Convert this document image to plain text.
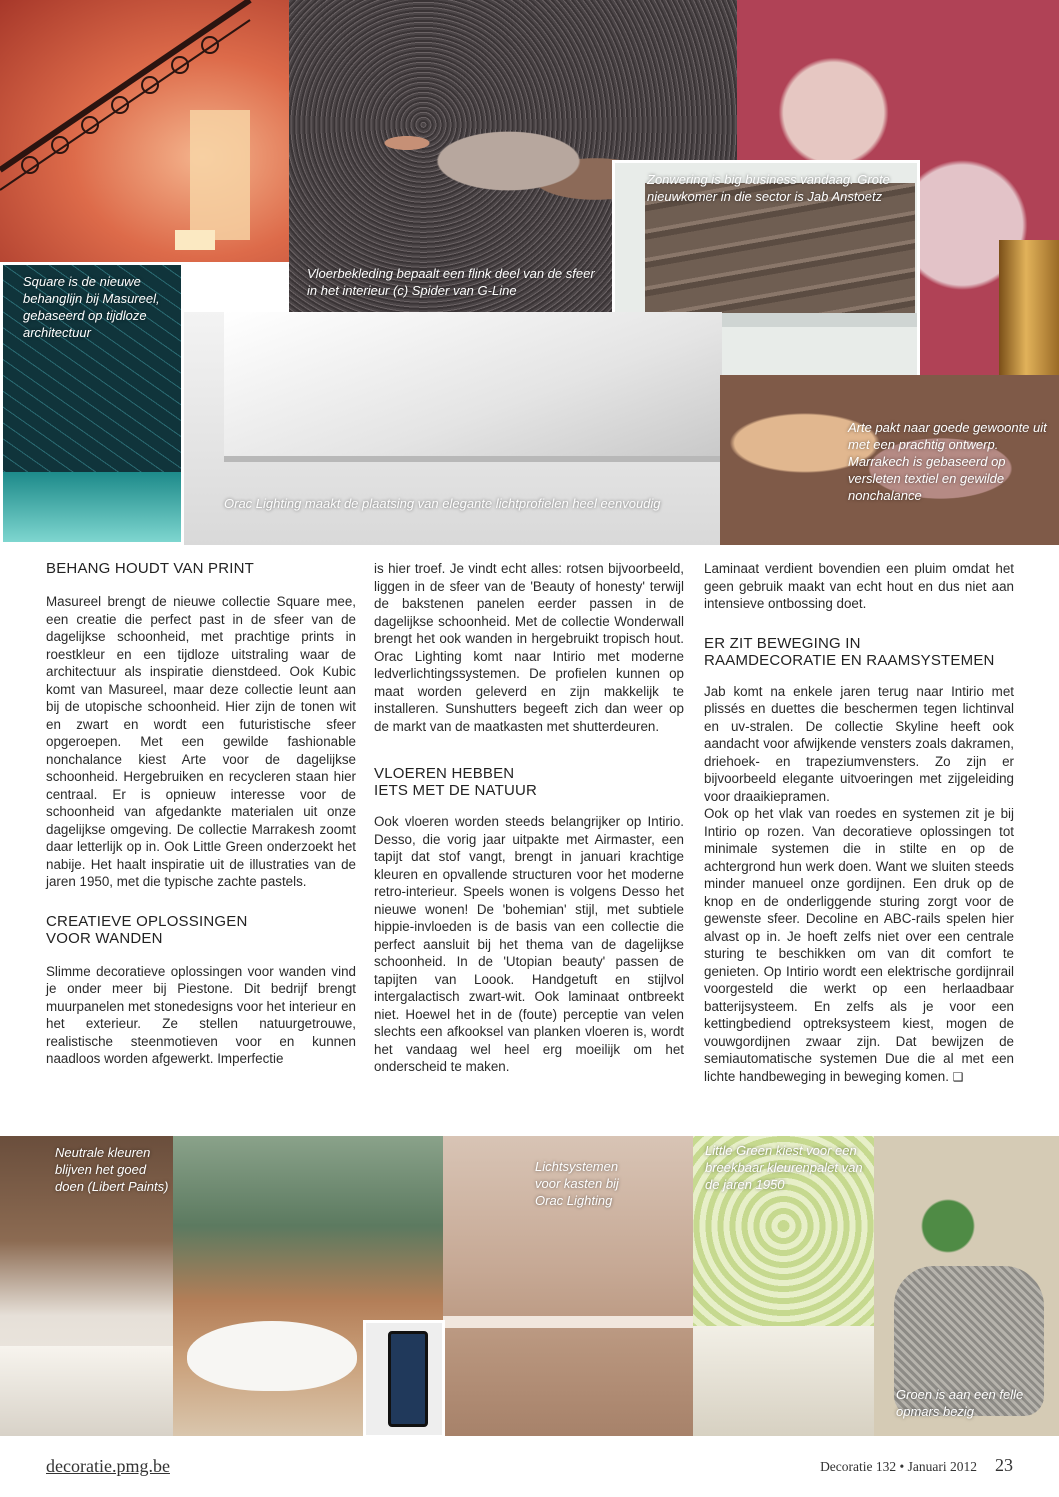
Vloerbekleding bepaalt een flink deel van de sfeer in het interieur (c) Spider van G-Line
Zonwering is big business vandaag. Grote nieuwkomer in die sector is Jab Anstoetz
Square is de nieuwe behanglijn bij Masureel, gebaseerd op tijdloze architectuur
Orac Lighting maakt de plaatsing van elegante lichtprofielen heel eenvoudig
Arte pakt naar goede gewoonte uit met een prachtig ontwerp. Marrakech is gebaseerd op versleten textiel en gewilde nonchalance
BEHANG HOUDT VAN PRINT

Masureel brengt de nieuwe collectie Square mee, een creatie die perfect past in de sfeer van de dagelijkse schoonheid, met prachtige prints in roestkleur en een tijdloze uitstraling waar de architectuur als inspiratie dienstdeed. Ook Kubic komt van Masureel, maar deze collectie leunt aan bij de utopische schoonheid. Hier zijn de tonen wit en zwart en wordt een futuristische sfeer opgeroepen. Met een gewilde fashionable nonchalance kiest Arte voor de dagelijkse schoonheid. Hergebruiken en recycleren staan hier centraal. Er is opnieuw interesse voor de schoonheid van afgedankte materialen uit onze dagelijkse omgeving. De collectie Marrakesh zoomt daar letterlijk op in. Ook Little Green onderzoekt het nabije. Het haalt inspiratie uit de illustraties van de jaren 1950, met die typische zachte pastels.

CREATIEVE OPLOSSINGEN
VOOR WANDEN

Slimme decoratieve oplossingen voor wanden vind je onder meer bij Piestone. Dit bedrijf brengt muurpanelen met stonedesigns voor het interieur en het exterieur. Ze stellen natuurgetrouwe, realistische steenmotieven voor en kunnen naadloos worden afgewerkt. Imperfectie

is hier troef. Je vindt echt alles: rotsen bijvoorbeeld, liggen in de sfeer van de 'Beauty of honesty' terwijl de bakstenen panelen eerder passen in de dagelijkse schoonheid. Met de collectie Wonderwall brengt het ook wanden in hergebruikt tropisch hout. Orac Lighting komt naar Intirio met moderne ledverlichtingssystemen. De profielen kunnen op maat worden geleverd en zijn makkelijk te installeren. Sunshutters begeeft zich dan weer op de markt van de maatkasten met shutterdeuren.

VLOEREN HEBBEN
IETS MET DE NATUUR

Ook vloeren worden steeds belangrijker op Intirio. Desso, die vorig jaar uitpakte met Airmaster, een tapijt dat stof vangt, brengt in januari krachtige kleuren en opvallende structuren voor het moderne retro-interieur. Speels wonen is volgens Desso het nieuwe wonen! De 'bohemian' stijl, met subtiele hippie-invloeden is de basis van een collectie die perfect aansluit bij het thema van de dagelijkse schoonheid. In de 'Utopian beauty' passen de tapijten van Loook. Handgetuft en stijlvol intergalactisch zwart-wit. Ook laminaat ontbreekt niet. Hoewel het in de (foute) perceptie van velen slechts een afkooksel van planken vloeren is, wordt het vandaag wel heel erg moeilijk om het onderscheid te maken.

Laminaat verdient bovendien een pluim omdat het geen gebruik maakt van echt hout en dus niet aan intensieve ontbossing doet.

ER ZIT BEWEGING IN
RAAMDECORATIE EN RAAMSYSTEMEN

Jab komt na enkele jaren terug naar Intirio met plissés en duettes die beschermen tegen lichtinval en uv-stralen. De collectie Skyline heeft ook aandacht voor afwijkende vensters zoals dakramen, driehoek- en trapeziumvensters. Zo zijn er bijvoorbeeld elegante uitvoeringen met zijgeleiding voor draaikiepramen.

Ook op het vlak van roedes en systemen zit je bij Intirio op rozen. Van decoratieve oplossingen tot minimale systemen die in stilte en op de achtergrond hun werk doen. Want we sluiten steeds minder manueel onze gordijnen. Een druk op de knop en de onderliggende sturing zorgt voor de gewenste sfeer. Decoline en ABC-rails spelen hier alvast op in. Je hoeft zelfs niet over een centrale sturing te beschikken om van dit comfort te genieten. Op Intirio wordt een elektrische gordijnrail voorgesteld die werkt op een herlaadbaar batterijsysteem. En zelfs als je voor een kettingbediend optreksysteem kiest, mogen de vouwgordijnen zwaar zijn. Dat bewijzen de semiautomatische systemen Due die al met een lichte handbeweging in beweging komen. ❑

Neutrale kleuren blijven het goed doen (Libert Paints)
Lichtsystemen voor kasten bij Orac Lighting
Little Green kiest voor een breekbaar kleurenpalet van de jaren 1950
Groen is aan een felle opmars bezig
decoratie.pmg.be	Decoratie 132 • Januari 2012 23
